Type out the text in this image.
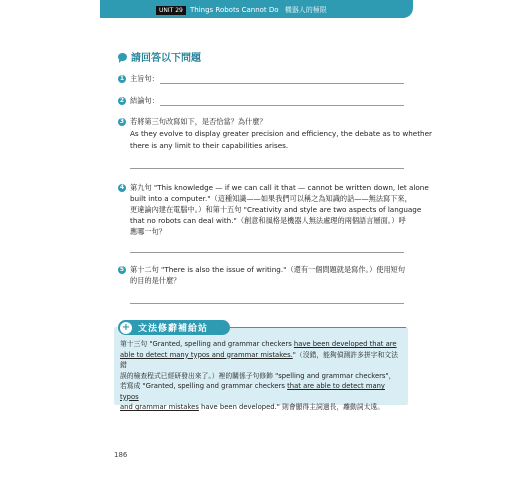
UNIT 29	Things Robots Cannot Do 機器人的極限
請回答以下問題
1 主旨句：
2 結論句：
3 若將第三句改寫如下，是否恰當？為什麼？
As they evolve to display greater precision and efficiency, the debate as to whether
there is any limit to their capabilities arises.
4 第九句 "This knowledge — if we can call it that — cannot be written down, let alone
built into a computer."（這種知識——如果我們可以稱之為知識的話——無法寫下來，
更違論內建在電腦中。）和第十五句 "Creativity and style are two aspects of language
that no robots can deal with."（創意和風格是機器人無法處理的兩個語言層面。）呼
應哪一句？
5 第十二句 "There is also the issue of writing."（還有一個問題就是寫作。）使用短句
的目的是什麼？
+ 文法修辭補給站
第十三句 "Granted, spelling and grammar checkers have been developed that are
able to detect many typos and grammar mistakes."（沒錯，能夠偵測許多拼字和文法錯
誤的檢查程式已經研發出來了。）裡的關係子句修飾 "spelling and grammar checkers"，
若寫成 "Granted, spelling and grammar checkers that are able to detect many typos
and grammar mistakes have been developed." 則會顯得主詞過長，離動詞太遠。
186
